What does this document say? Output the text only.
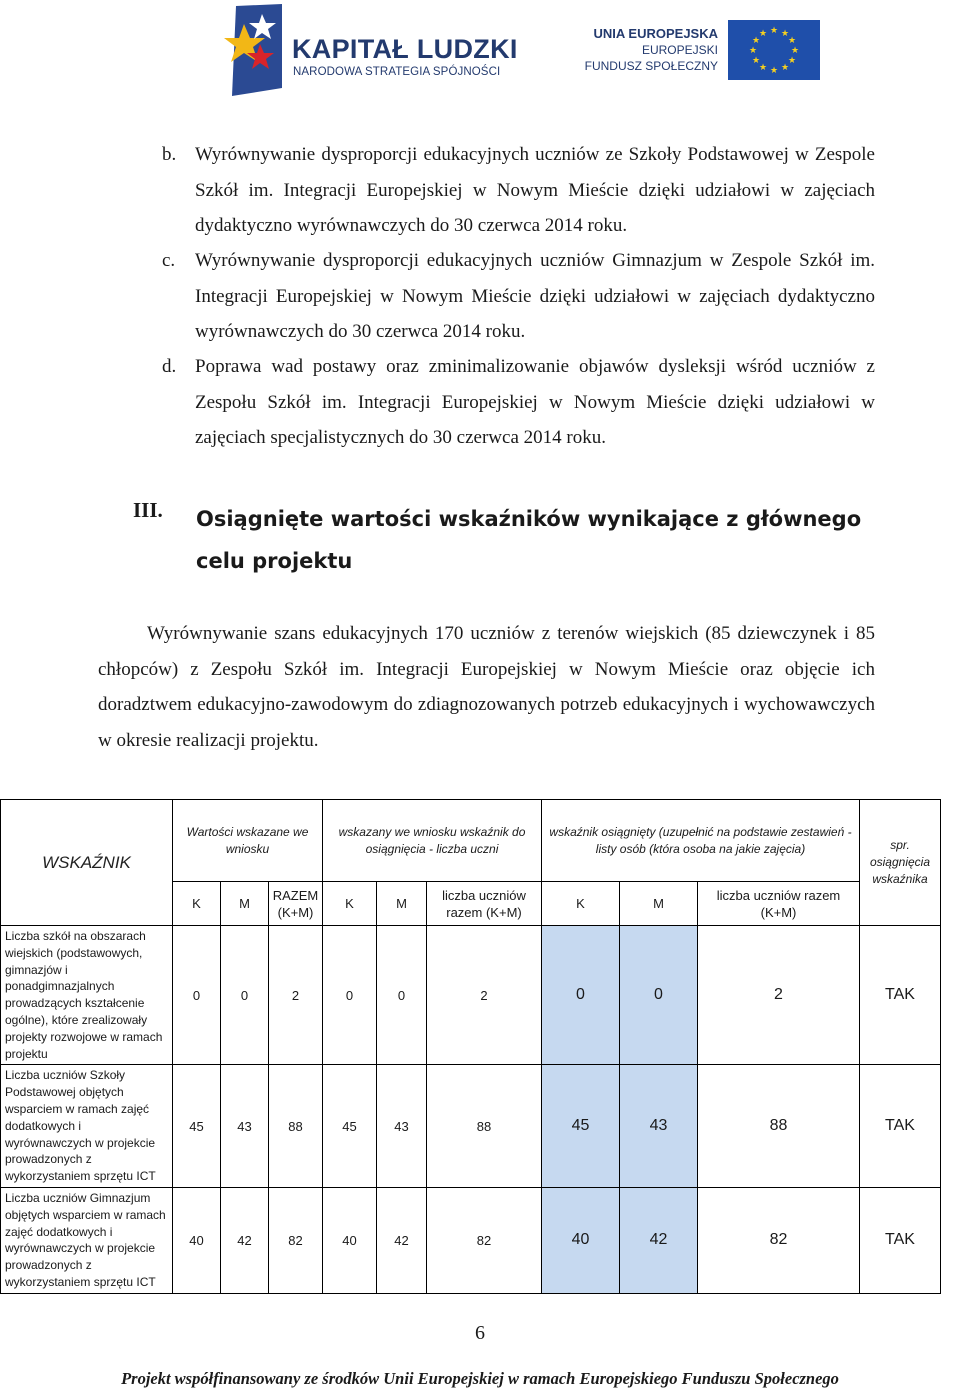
KAPITAŁ LUDZKI
NARODOWA STRATEGIA SPÓJNOŚCI
UNIA EUROPEJSKA
EUROPEJSKI
FUNDUSZ SPOŁECZNY
★ ★
★
★
★
★
★
★
★
★
★
★
b. Wyrównywanie dysproporcji edukacyjnych uczniów ze Szkoły Podstawowej w Zespole Szkół im. Integracji Europejskiej w Nowym Mieście dzięki udziałowi w zajęciach dydaktyczno wyrównawczych do 30 czerwca 2014 roku.
c. Wyrównywanie dysproporcji edukacyjnych uczniów Gimnazjum w Zespole Szkół im. Integracji Europejskiej w Nowym Mieście dzięki udziałowi w zajęciach dydaktyczno wyrównawczych do 30 czerwca 2014 roku.
d. Poprawa wad postawy oraz zminimalizowanie objawów dysleksji wśród uczniów z Zespołu Szkół im. Integracji Europejskiej w Nowym Mieście dzięki udziałowi w zajęciach specjalistycznych do 30 czerwca 2014 roku.
III. Osiągnięte wartości wskaźników wynikające z głównego celu projektu
Wyrównywanie szans edukacyjnych 170 uczniów z terenów wiejskich (85 dziewczynek i 85 chłopców) z Zespołu Szkół im. Integracji Europejskiej w Nowym Mieście oraz objęcie ich doradztwem edukacyjno-zawodowym do zdiagnozowanych potrzeb edukacyjnych i wychowawczych w okresie realizacji projektu.
WSKAŹNIK	Wartości wskazane we wniosku			wskazany we wniosku wskaźnik do osiągnięcia - liczba uczni			wskaźnik osiągnięty (uzupełnić na podstawie zestawień - listy osób (która osoba na jakie zajęcia)			spr. osiągnięcia wskaźnika
	K	M	RAZEM (K+M)	K	M	liczba uczniów razem (K+M)	K	M	liczba uczniów razem (K+M)	
Liczba szkół na obszarach wiejskich (podstawowych, gimnazjów i ponadgimnazjalnych prowadzących kształcenie ogólne), które zrealizowały projekty rozwojowe w ramach projektu	0	0	2	0	0	2	0	0	2	TAK
Liczba uczniów Szkoły Podstawowej objętych wsparciem w ramach zajęć dodatkowych i wyrównawczych w projekcie prowadzonych z wykorzystaniem sprzętu ICT	45	43	88	45	43	88	45	43	88	TAK
Liczba uczniów Gimnazjum objętych wsparciem w ramach zajęć dodatkowych i wyrównawczych w projekcie prowadzonych z wykorzystaniem sprzętu ICT	40	42	82	40	42	82	40	42	82	TAK
6
Projekt współfinansowany ze środków Unii Europejskiej w ramach Europejskiego Funduszu Społecznego
